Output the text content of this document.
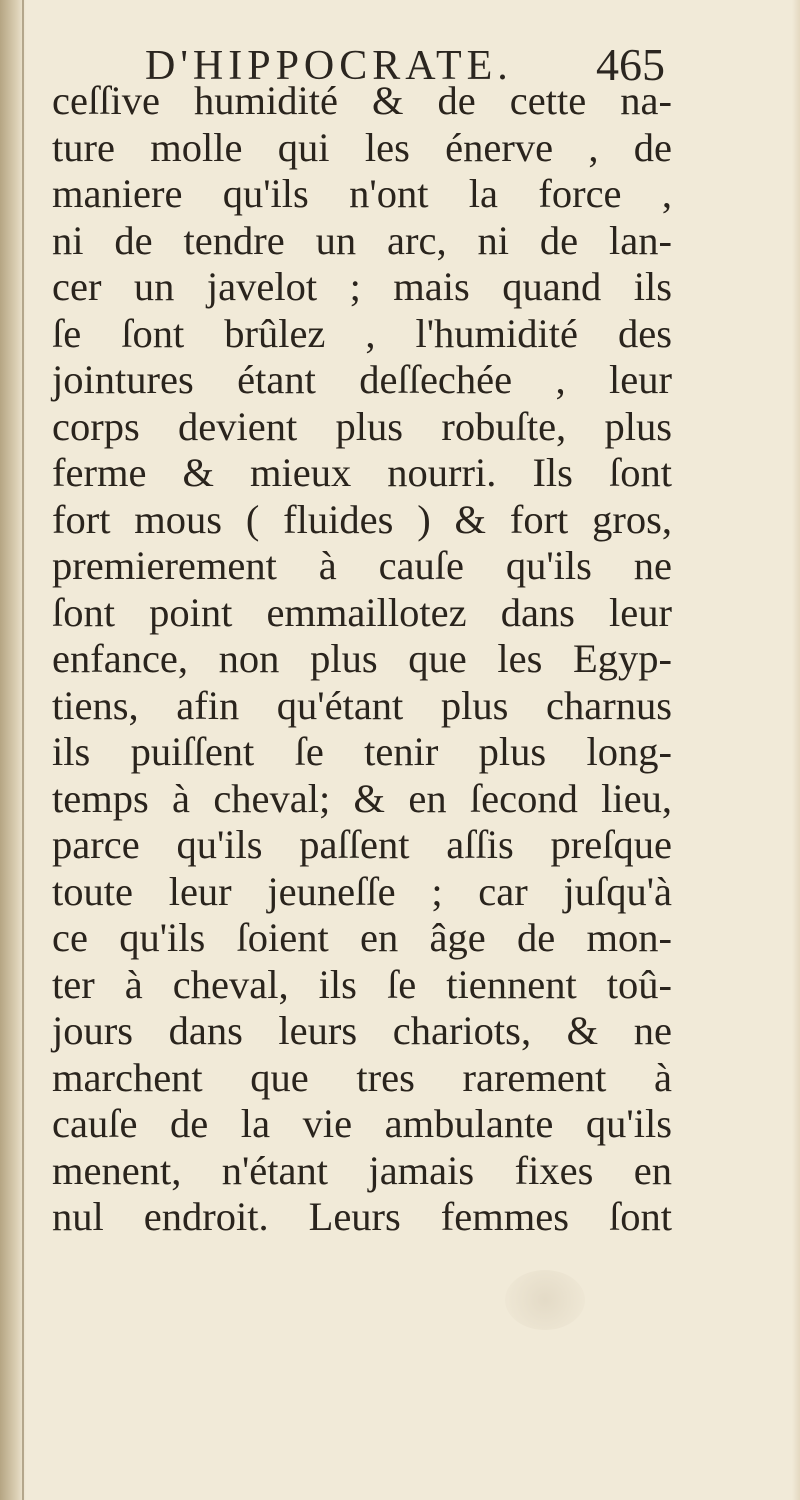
D'HIPPOCRATE. 465
ceſſive humidité & de cette na-
ture molle qui les énerve , de
maniere qu'ils n'ont la force ,
ni de tendre un arc, ni de lan-
cer un javelot ; mais quand ils
ſe ſont brûlez , l'humidité des
jointures étant deſſechée , leur
corps devient plus robuſte, plus
ferme & mieux nourri. Ils ſont
fort mous ( fluides ) & fort gros,
premierement à cauſe qu'ils ne
ſont point emmaillotez dans leur
enfance, non plus que les Egyp-
tiens, afin qu'étant plus charnus
ils puiſſent ſe tenir plus long-
temps à cheval; & en ſecond lieu,
parce qu'ils paſſent aſſis preſque
toute leur jeuneſſe ; car juſqu'à
ce qu'ils ſoient en âge de mon-
ter à cheval, ils ſe tiennent toû-
jours dans leurs chariots, & ne
marchent que tres rarement à
cauſe de la vie ambulante qu'ils
menent, n'étant jamais fixes en
nul endroit. Leurs femmes ſont
